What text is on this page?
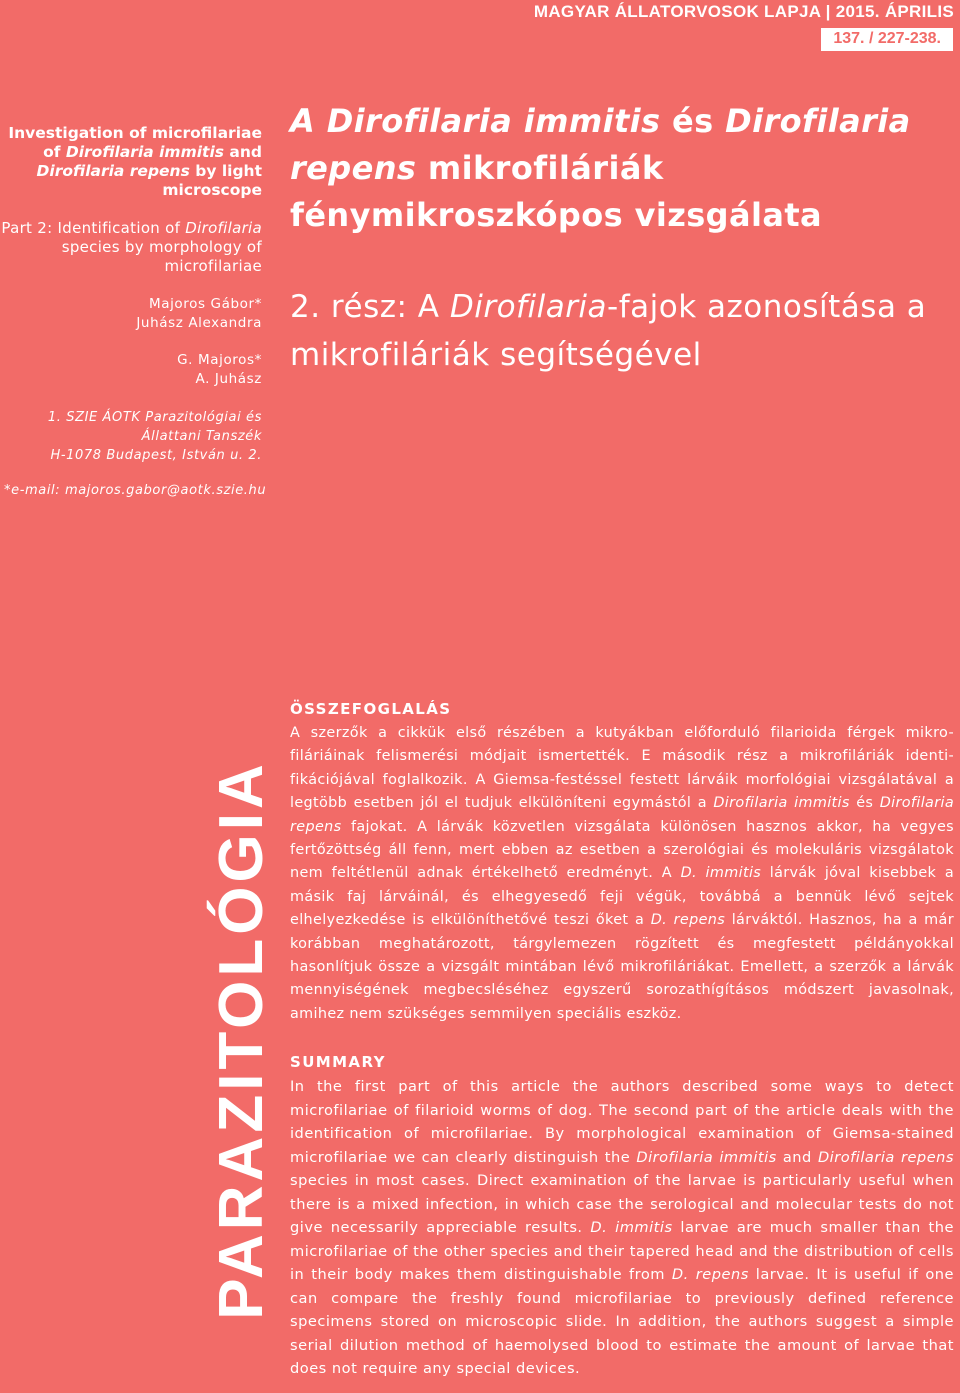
MAGYAR ÁLLATORVOSOK LAPJA | 2015. ÁPRILIS
137. / 227-238.
Investigation of microfilariae of Dirofilaria immitis and Dirofilaria repens by light microscope
Part 2: Identification of Dirofilaria species by morphology of microfilariae
Majoros Gábor*
Juhász Alexandra
G. Majoros*
A. Juhász
1. SZIE ÁOTK Parazitológiai és
Állattani Tanszék
H-1078 Budapest, István u. 2.
*e-mail: majoros.gabor@aotk.szie.hu
A Dirofilaria immitis és Dirofilaria repens mikrofiláriák fénymikroszkópos vizsgálata
2. rész: A Dirofilaria-fajok azonosítása a mikrofiláriák segítségével
PARAZITOLÓGIA
ÖSSZEFOGLALÁS
A szerzők a cikkük első részében a kutyákban előforduló filarioida férgek mikro-filáriáinak felismerési módjait ismertették. E második rész a mikrofiláriák identi-fikációjával foglalkozik. A Giemsa-festéssel festett lárváik morfológiai vizsgálatával a legtöbb esetben jól el tudjuk elkülöníteni egymástól a Dirofilaria immitis és Dirofilaria repens fajokat. A lárvák közvetlen vizsgálata különösen hasznos akkor, ha vegyes fertőzöttség áll fenn, mert ebben az esetben a szerológiai és molekuláris vizsgálatok nem feltétlenül adnak értékelhető eredményt. A D. immitis lárvák jóval kisebbek a másik faj lárváinál, és elhegyesedő feji végük, továbbá a bennük lévő sejtek elhelyezkedése is elkülöníthetővé teszi őket a D. repens lárváktól. Hasznos, ha a már korábban meghatározott, tárgylemezen rögzített és megfestett példányokkal hasonlítjuk össze a vizsgált mintában lévő mikrofiláriákat. Emellett, a szerzők a lárvák mennyiségének megbecsléséhez egyszerű sorozathígításos módszert javasolnak, amihez nem szükséges semmilyen speciális eszköz.
SUMMARY
In the first part of this article the authors described some ways to detect microfilariae of filarioid worms of dog. The second part of the article deals with the identification of microfilariae. By morphological examination of Giemsa-stained microfilariae we can clearly distinguish the Dirofilaria immitis and Dirofilaria repens species in most cases. Direct examination of the larvae is particularly useful when there is a mixed infection, in which case the serological and molecular tests do not give necessarily appreciable results. D. immitis larvae are much smaller than the microfilariae of the other species and their tapered head and the distribution of cells in their body makes them distinguishable from D. repens larvae. It is useful if one can compare the freshly found microfilariae to previously defined reference specimens stored on microscopic slide. In addition, the authors suggest a simple serial dilution method of haemolysed blood to estimate the amount of larvae that does not require any special devices.
